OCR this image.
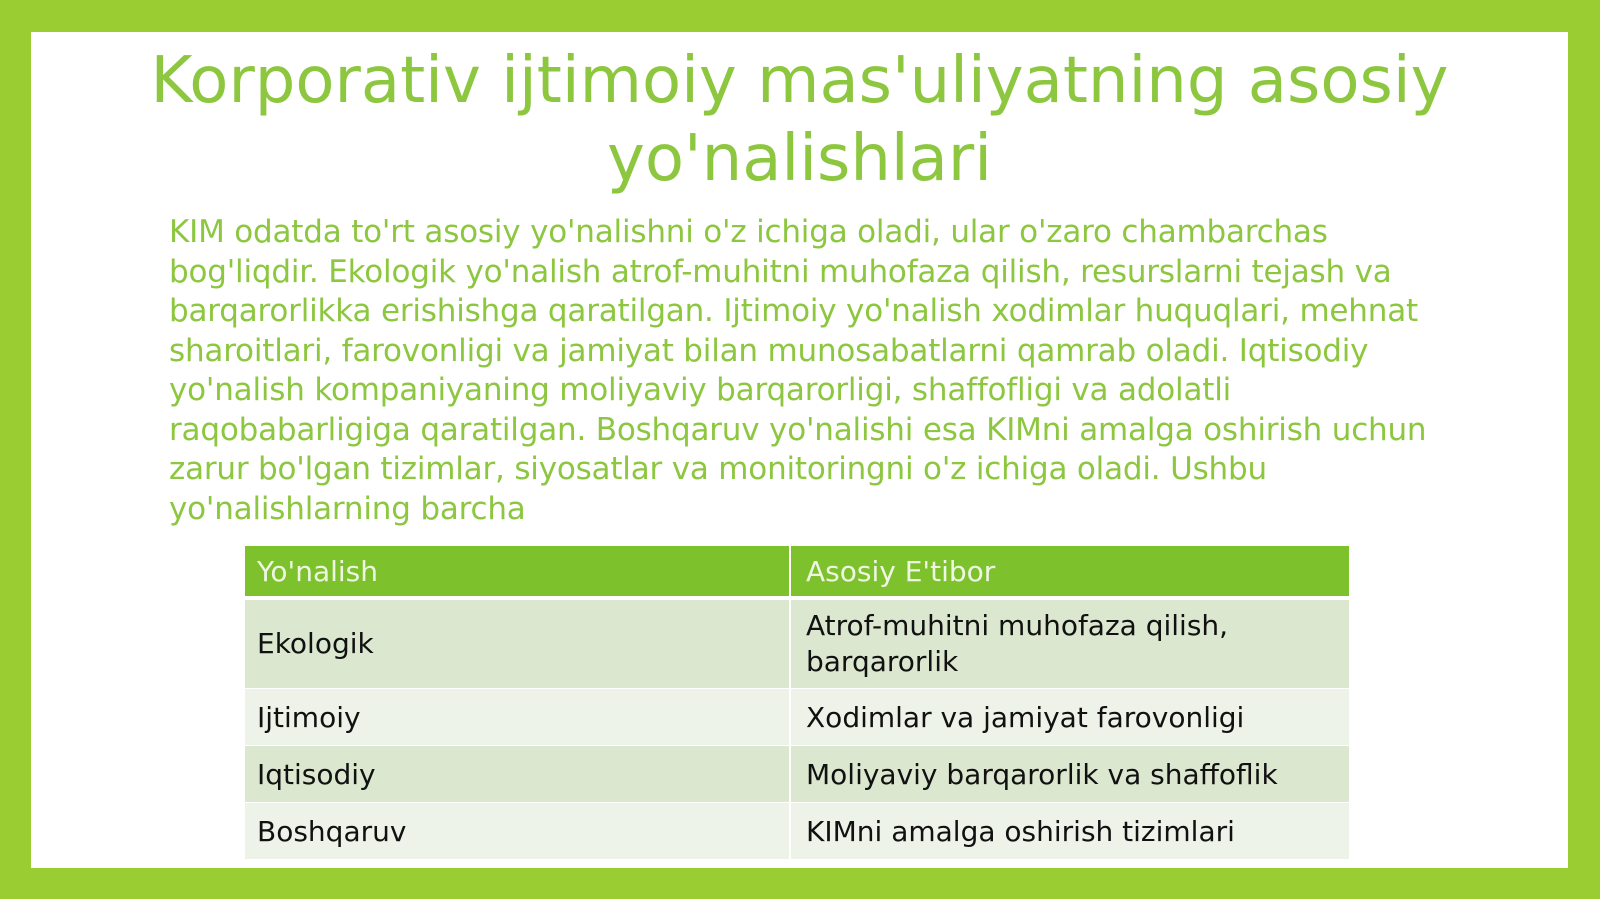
Korporativ ijtimoiy mas'uliyatning asosiy yo'nalishlari

KIM odatda to'rt asosiy yo'nalishni o'z ichiga oladi, ular o'zaro chambarchas bog'liqdir. Ekologik yo'nalish atrof-muhitni muhofaza qilish, resurslarni tejash va barqarorlikka erishishga qaratilgan. Ijtimoiy yo'nalish xodimlar huquqlari, mehnat sharoitlari, farovonligi va jamiyat bilan munosabatlarni qamrab oladi. Iqtisodiy yo'nalish kompaniyaning moliyaviy barqarorligi, shaffofligi va adolatli raqobabarligiga qaratilgan. Boshqaruv yo'nalishi esa KIMni amalga oshirish uchun zarur bo'lgan tizimlar, siyosatlar va monitoringni o'z ichiga oladi. Ushbu yo'nalishlarning barcha

Yo'nalish	Asosiy E'tibor
Ekologik	Atrof-muhitni muhofaza qilish, barqarorlik
Ijtimoiy	Xodimlar va jamiyat farovonligi
Iqtisodiy	Moliyaviy barqarorlik va shaffoflik
Boshqaruv	KIMni amalga oshirish tizimlari
